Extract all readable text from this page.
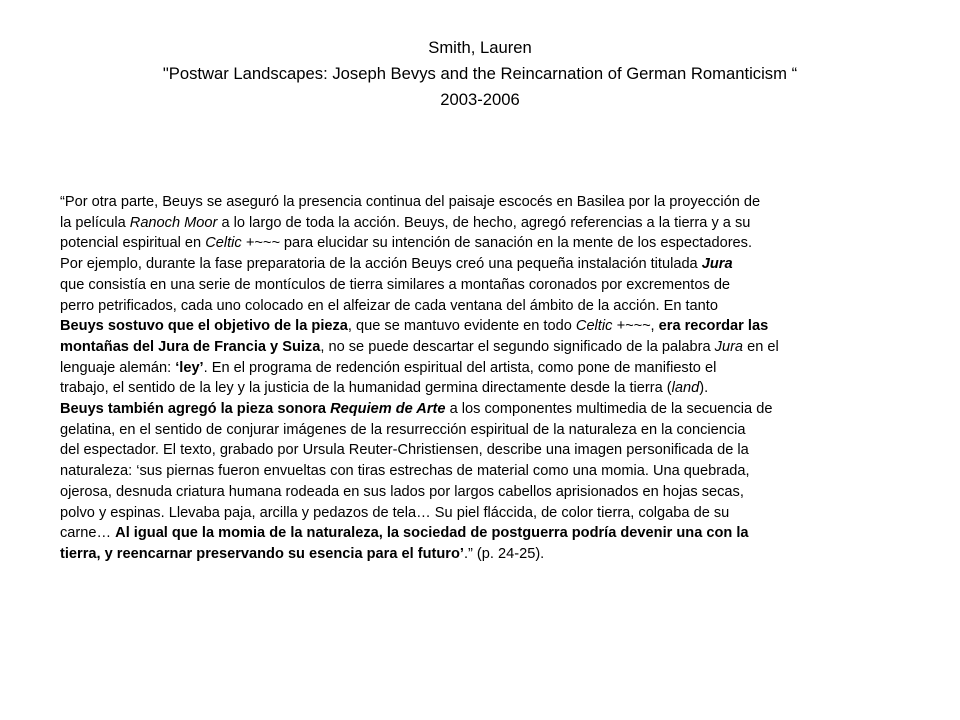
Smith, Lauren
"Postwar Landscapes: Joseph Bevys and the Reincarnation of German Romanticism “
2003-2006
“Por otra parte, Beuys se aseguró la presencia continua del paisaje escocés en Basilea por la proyección de
la película Ranoch Moor a lo largo de toda la acción. Beuys, de hecho, agregó referencias a la tierra y a su
potencial espiritual en Celtic +~~~ para elucidar su intención de sanación en la mente de los espectadores.
Por ejemplo, durante la fase preparatoria de la acción Beuys creó una pequeña instalación titulada Jura
que consistía en una serie de montículos de tierra similares a montañas coronados por excrementos de
perro petrificados, cada uno colocado en el alfeizar de cada ventana del ámbito de la acción. En tanto
Beuys sostuvo que el objetivo de la pieza, que se mantuvo evidente en todo Celtic +~~~, era recordar las
montañas del Jura de Francia y Suiza, no se puede descartar el segundo significado de la palabra Jura en el
lenguaje alemán: ‘ley’. En el programa de redención espiritual del artista, como pone de manifiesto el
trabajo, el sentido de la ley y la justicia de la humanidad germina directamente desde la tierra (land).
Beuys también agregó la pieza sonora Requiem de Arte a los componentes multimedia de la secuencia de
gelatina, en el sentido de conjurar imágenes de la resurrección espiritual de la naturaleza en la conciencia
del espectador. El texto, grabado por Ursula Reuter-Christiensen, describe una imagen personificada de la
naturaleza: ‘sus piernas fueron envueltas con tiras estrechas de material como una momia. Una quebrada,
ojerosa, desnuda criatura humana rodeada en sus lados por largos cabellos aprisionados en hojas secas,
polvo y espinas. Llevaba paja, arcilla y pedazos de tela… Su piel fláccida, de color tierra, colgaba de su
carne… Al igual que la momia de la naturaleza, la sociedad de postguerra podría devenir una con la
tierra, y reencarnar preservando su esencia para el futuro’.” (p. 24-25).
